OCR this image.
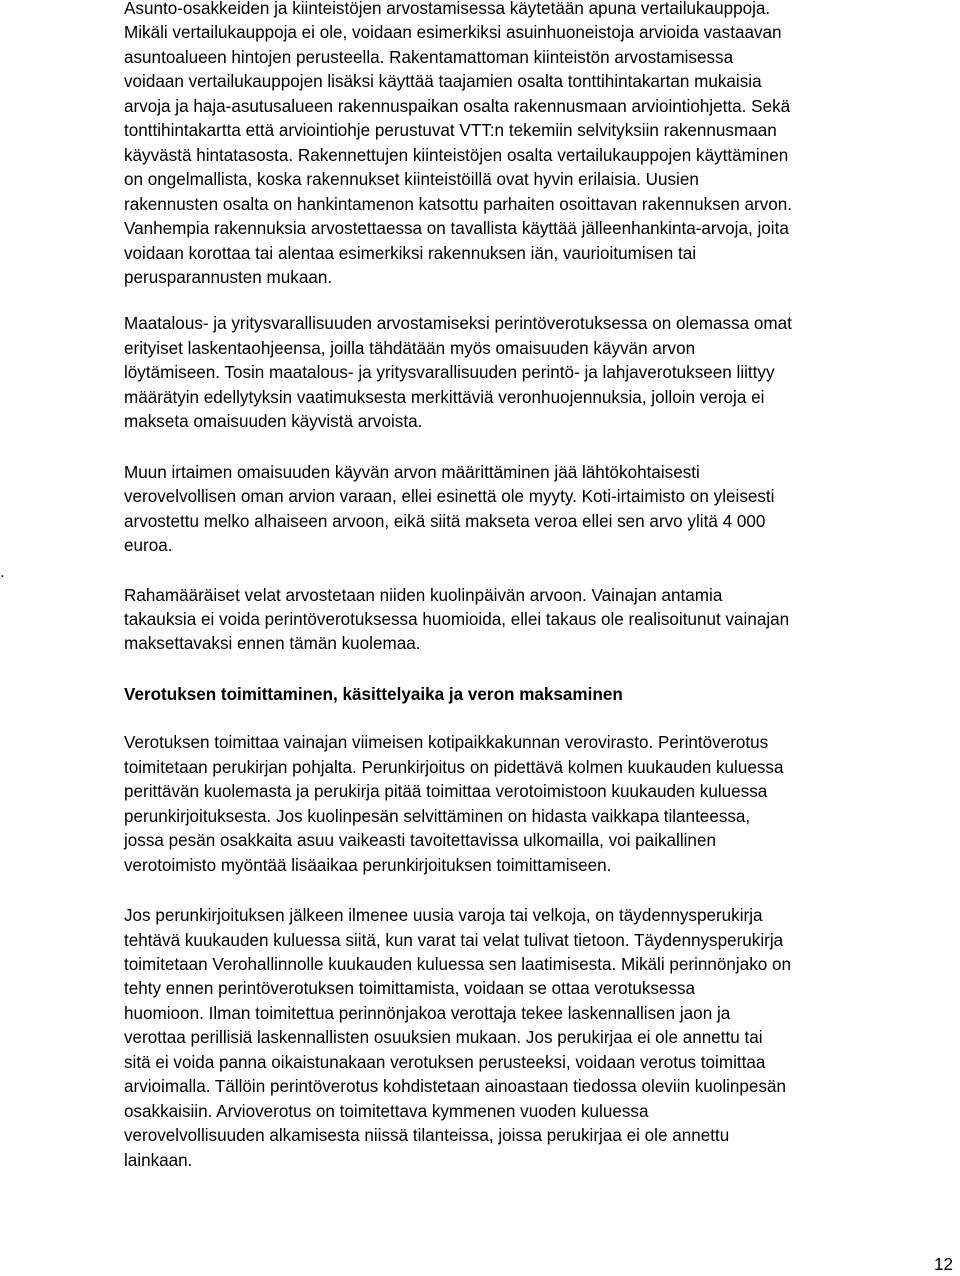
Asunto-osakkeiden ja kiinteistöjen arvostamisessa käytetään apuna vertailukauppoja.
Mikäli vertailukauppoja ei ole, voidaan esimerkiksi asuinhuoneistoja arvioida vastaavan
asuntoalueen hintojen perusteella. Rakentamattoman kiinteistön arvostamisessa
voidaan vertailukauppojen lisäksi käyttää taajamien osalta tonttihintakartan mukaisia
arvoja ja haja-asutusalueen rakennuspaikan osalta rakennusmaan arviointiohjetta. Sekä
tonttihintakartta että arviointiohje perustuvat VTT:n tekemiin selvityksiin rakennusmaan
käyvästä hintatasosta. Rakennettujen kiinteistöjen osalta vertailukauppojen käyttäminen
on ongelmallista, koska rakennukset kiinteistöillä ovat hyvin erilaisia. Uusien
rakennusten osalta on hankintamenon katsottu parhaiten osoittavan rakennuksen arvon.
Vanhempia rakennuksia arvostettaessa on tavallista käyttää jälleenhankinta-arvoja, joita
voidaan korottaa tai alentaa esimerkiksi rakennuksen iän, vaurioitumisen tai
perusparannusten mukaan.
Maatalous- ja yritysvarallisuuden arvostamiseksi perintöverotuksessa on olemassa omat
erityiset laskentaohjeensa, joilla tähdätään myös omaisuuden käyvän arvon
löytämiseen. Tosin maatalous- ja yritysvarallisuuden perintö- ja lahjaverotukseen liittyy
määrätyin edellytyksin vaatimuksesta merkittäviä veronhuojennuksia, jolloin veroja ei
makseta omaisuuden käyvistä arvoista.
Muun irtaimen omaisuuden käyvän arvon määrittäminen jää lähtökohtaisesti
verovelvollisen oman arvion varaan, ellei esinettä ole myyty. Koti-irtaimisto on yleisesti
arvostettu melko alhaiseen arvoon, eikä siitä makseta veroa ellei sen arvo ylitä 4 000
euroa.
Rahamääräiset velat arvostetaan niiden kuolinpäivän arvoon. Vainajan antamia
takauksia ei voida perintöverotuksessa huomioida, ellei takaus ole realisoitunut vainajan
maksettavaksi ennen tämän kuolemaa.
Verotuksen toimittaminen, käsittelyaika ja veron maksaminen
Verotuksen toimittaa vainajan viimeisen kotipaikkakunnan verovirasto. Perintöverotus
toimitetaan perukirjan pohjalta. Perunkirjoitus on pidettävä kolmen kuukauden kuluessa
perittävän kuolemasta ja perukirja pitää toimittaa verotoimistoon kuukauden kuluessa
perunkirjoituksesta. Jos kuolinpesän selvittäminen on hidasta vaikkapa tilanteessa,
jossa pesän osakkaita asuu vaikeasti tavoitettavissa ulkomailla, voi paikallinen
verotoimisto myöntää lisäaikaa perunkirjoituksen toimittamiseen.
Jos perunkirjoituksen jälkeen ilmenee uusia varoja tai velkoja, on täydennysperukirja
tehtävä kuukauden kuluessa siitä, kun varat tai velat tulivat tietoon. Täydennysperukirja
toimitetaan Verohallinnolle kuukauden kuluessa sen laatimisesta. Mikäli perinnönjako on
tehty ennen perintöverotuksen toimittamista, voidaan se ottaa verotuksessa
huomioon. Ilman toimitettua perinnönjakoa verottaja tekee laskennallisen jaon ja
verottaa perillisiä laskennallisten osuuksien mukaan. Jos perukirjaa ei ole annettu tai
sitä ei voida panna oikaistunakaan verotuksen perusteeksi, voidaan verotus toimittaa
arvioimalla. Tällöin perintöverotus kohdistetaan ainoastaan tiedossa oleviin kuolinpesän
osakkaisiin. Arvioverotus on toimitettava kymmenen vuoden kuluessa
verovelvollisuuden alkamisesta niissä tilanteissa, joissa perukirjaa ei ole annettu
lainkaan.
.
12
